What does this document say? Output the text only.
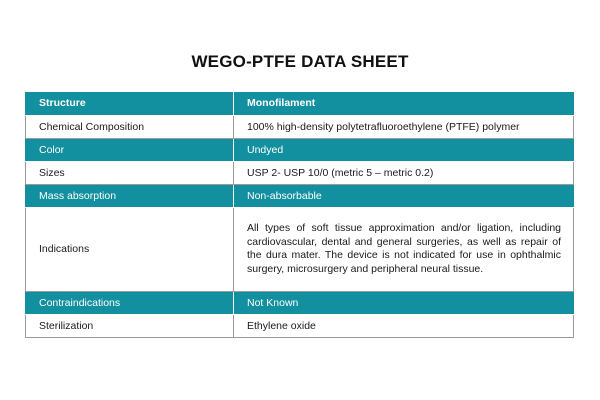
WEGO-PTFE DATA SHEET
Structure	Monofilament
Chemical Composition	100% high-density polytetrafluoroethylene (PTFE) polymer
Color	Undyed
Sizes	USP 2- USP 10/0 (metric 5 – metric 0.2)
Mass absorption	Non-absorbable
Indications	All types of soft tissue approximation and/or ligation, including cardiovascular, dental and general surgeries, as well as repair of the dura mater. The device is not indicated for use in ophthalmic surgery, microsurgery and peripheral neural tissue.

Contraindications	Not Known
Sterilization	Ethylene oxide
